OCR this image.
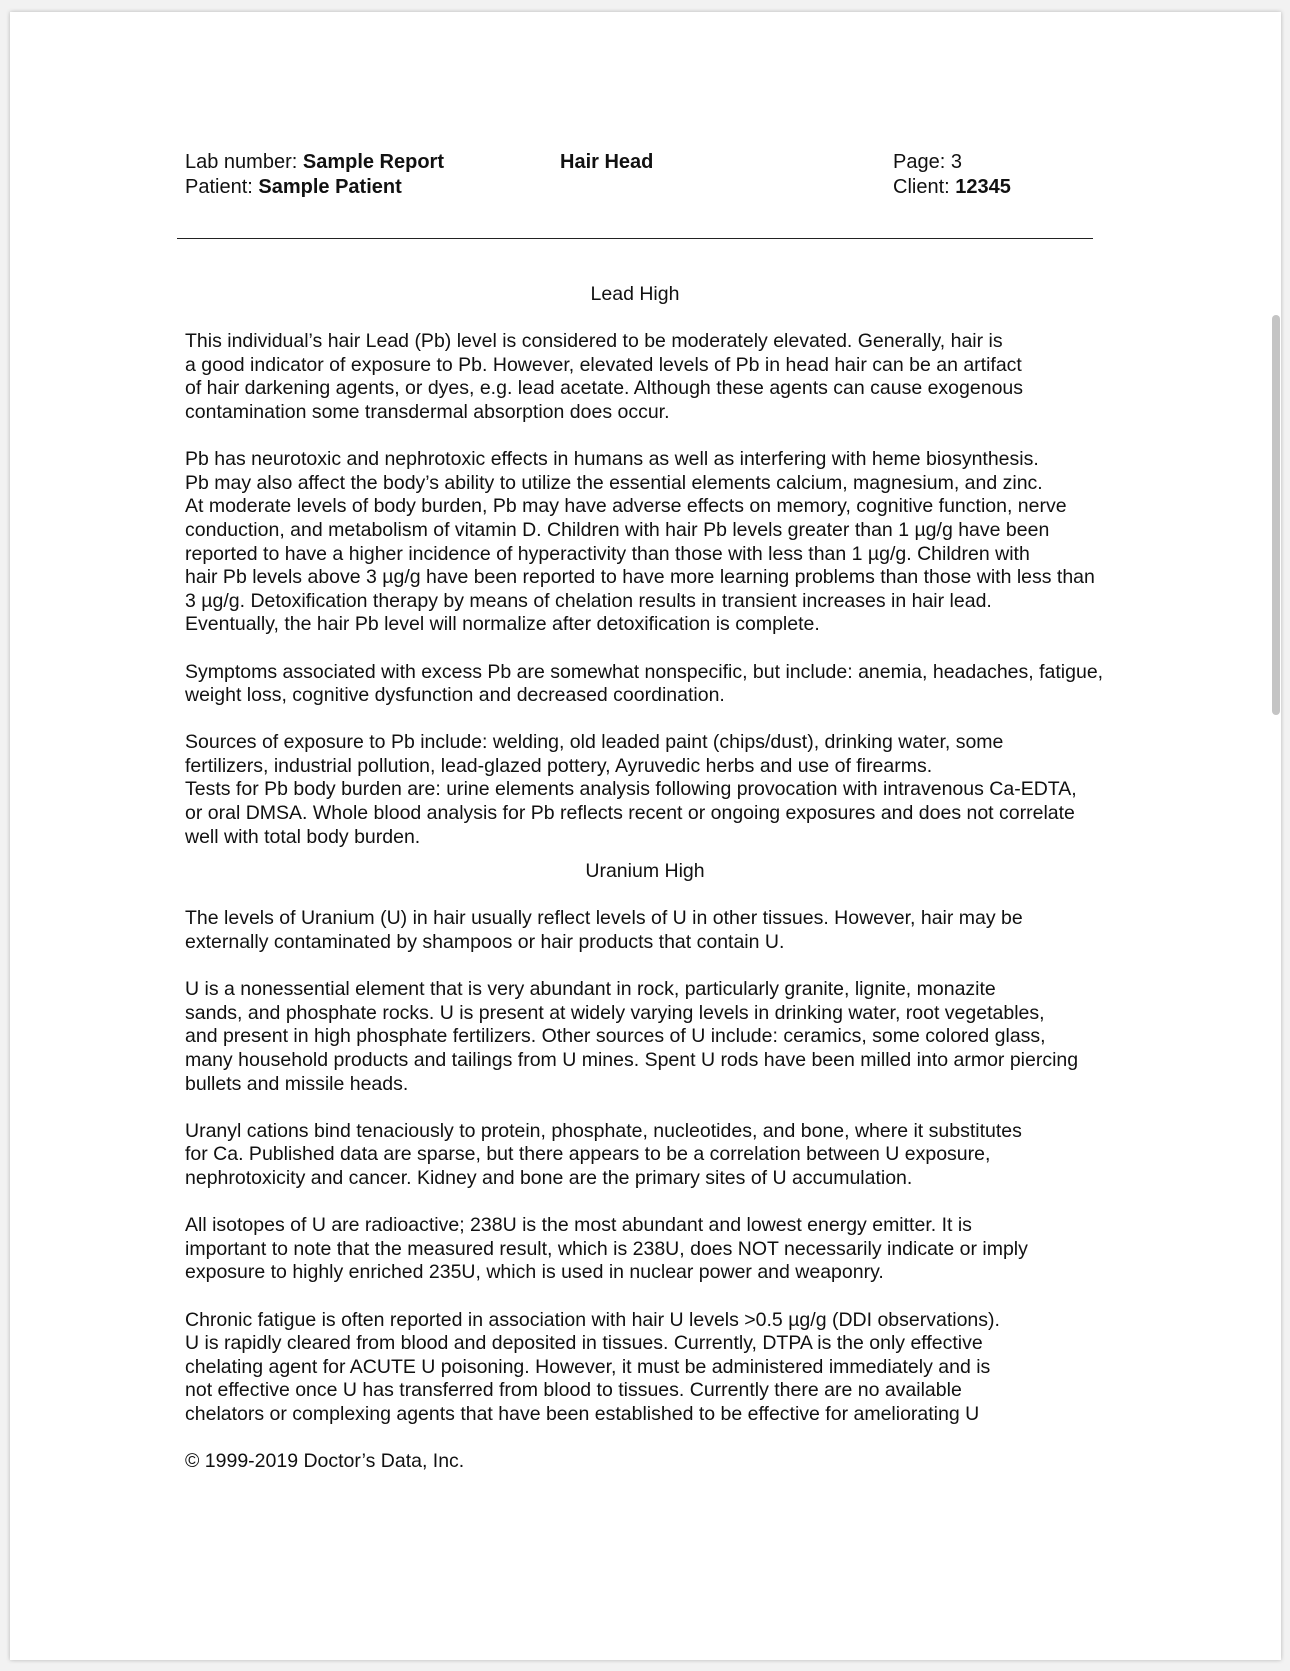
Lab number: Sample Report
Patient: Sample Patient
Hair Head	Page: 3
Client: 12345
Lead High
This individual’s hair Lead (Pb) level is considered to be moderately elevated. Generally, hair is
a good indicator of exposure to Pb. However, elevated levels of Pb in head hair can be an artifact
of hair darkening agents, or dyes, e.g. lead acetate. Although these agents can cause exogenous
contamination some transdermal absorption does occur.
Pb has neurotoxic and nephrotoxic effects in humans as well as interfering with heme biosynthesis.
Pb may also affect the body’s ability to utilize the essential elements calcium, magnesium, and zinc.
At moderate levels of body burden, Pb may have adverse effects on memory, cognitive function, nerve
conduction, and metabolism of vitamin D. Children with hair Pb levels greater than 1 µg/g have been
reported to have a higher incidence of hyperactivity than those with less than 1 µg/g. Children with
hair Pb levels above 3 µg/g have been reported to have more learning problems than those with less than
3 µg/g. Detoxification therapy by means of chelation results in transient increases in hair lead.
Eventually, the hair Pb level will normalize after detoxification is complete.
Symptoms associated with excess Pb are somewhat nonspecific, but include: anemia, headaches, fatigue,
weight loss, cognitive dysfunction and decreased coordination.
Sources of exposure to Pb include: welding, old leaded paint (chips/dust), drinking water, some
fertilizers, industrial pollution, lead-glazed pottery, Ayruvedic herbs and use of firearms.
Tests for Pb body burden are: urine elements analysis following provocation with intravenous Ca-EDTA,
or oral DMSA. Whole blood analysis for Pb reflects recent or ongoing exposures and does not correlate
well with total body burden.
Uranium High
The levels of Uranium (U) in hair usually reflect levels of U in other tissues. However, hair may be
externally contaminated by shampoos or hair products that contain U.
U is a nonessential element that is very abundant in rock, particularly granite, lignite, monazite
sands, and phosphate rocks. U is present at widely varying levels in drinking water, root vegetables,
and present in high phosphate fertilizers. Other sources of U include: ceramics, some colored glass,
many household products and tailings from U mines. Spent U rods have been milled into armor piercing
bullets and missile heads.
Uranyl cations bind tenaciously to protein, phosphate, nucleotides, and bone, where it substitutes
for Ca. Published data are sparse, but there appears to be a correlation between U exposure,
nephrotoxicity and cancer. Kidney and bone are the primary sites of U accumulation.
All isotopes of U are radioactive; 238U is the most abundant and lowest energy emitter. It is
important to note that the measured result, which is 238U, does NOT necessarily indicate or imply
exposure to highly enriched 235U, which is used in nuclear power and weaponry.
Chronic fatigue is often reported in association with hair U levels >0.5 µg/g (DDI observations).
U is rapidly cleared from blood and deposited in tissues. Currently, DTPA is the only effective
chelating agent for ACUTE U poisoning. However, it must be administered immediately and is
not effective once U has transferred from blood to tissues. Currently there are no available
chelators or complexing agents that have been established to be effective for ameliorating U
© 1999-2019 Doctor’s Data, Inc.
